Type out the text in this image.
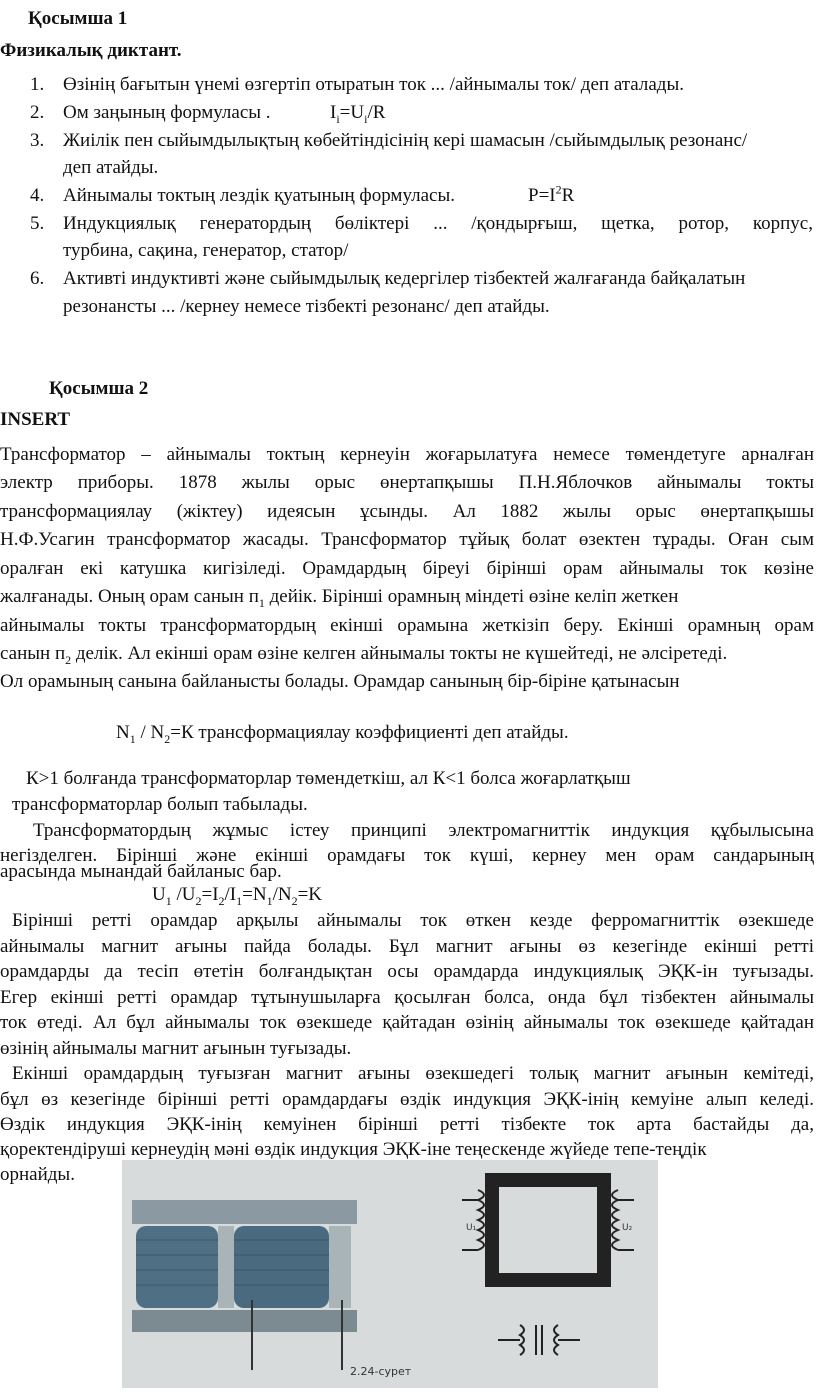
Қосымша 1
Физикалық диктант.
1. Өзінің бағытын үнемі өзгертіп отыратын ток ... /айнымалы ток/ деп аталады.
2. Ом заңының формуласы .	$I_i=U_i/R$
3. Жиілік пен сыйымдылықтың көбейтіндісінің кері шамасын /сыйымдылық резонанс/
деп атайды.
4. Айнымалы токтың лездік қуатының формуласы.	$P=I^2R$
5. Индукциялық генератордың бөліктері ... /қондырғыш, щетка, ротор, корпус,
турбина, сақина, генератор, статор/
6. Активті индуктивті және сыйымдылық кедергілер тізбектей жалғағанда байқалатын
резонансты ... /кернеу немесе тізбекті резонанс/ деп атайды.
Қосымша 2
INSERT
Трансформатор – айнымалы токтың кернеуін жоғарылатуға немесе төмендетуге арналған
электр приборы. 1878 жылы орыс өнертапқышы П.Н.Яблочков айнымалы токты
трансформациялау (жіктеу) идеясын ұсынды. Ал 1882 жылы орыс өнертапқышы
Н.Ф.Усагин трансформатор жасады. Трансформатор тұйық болат өзектен тұрады. Оған сым
оралған екі катушка кигізіледі. Орамдардың біреуі бірінші орам айнымалы ток көзіне
жалғанады. Оның орам санын $п_1$ дейік. Бірінші орамның міндеті өзіне келіп жеткен
айнымалы токты трансформатордың екінші орамына жеткізіп беру. Екінші орамның орам
санын $п_2$ делік. Ал екінші орам өзіне келген айнымалы токты не күшейтеді, не әлсіретеді.
Ол орамының санына байланысты болады. Орамдар санының бір-біріне қатынасын
$N_1 / N_2=К$ трансформациялау коэффициенті деп атайды.
К>1 болғанда трансформаторлар төмендеткіш, ал К<1 болса жоғарлатқыш
трансформаторлар болып табылады.
Трансформатордың жұмыс істеу принципі электромагниттік индукция құбылысына
негізделген. Бірінші және екінші орамдағы ток күші, кернеу мен орам сандарының
арасында мынандай байланыс бар.
$U_1$ $/U_2=I_2/I_1=N_1/N_2=K$
Бірінші ретті орамдар арқылы айнымалы ток өткен кезде ферромагниттік өзекшеде
айнымалы магнит ағыны пайда болады. Бұл магнит ағыны өз кезегінде екінші ретті
орамдарды да тесіп өтетін болғандықтан осы орамдарда индукциялық ЭҚК-ін туғызады.
Егер екінші ретті орамдар тұтынушыларға қосылған болса, онда бұл тізбектен айнымалы
ток өтеді. Ал бұл айнымалы ток өзекшеде қайтадан өзінің айнымалы ток өзекшеде қайтадан
өзінің айнымалы магнит ағынын туғызады.
Екінші орамдардың туғызған магнит ағыны өзекшедегі толық магнит ағынын кемітеді,
бұл өз кезегінде бірінші ретті орамдардағы өздік индукция ЭҚК-інің кемуіне алып келеді.
Өздік индукция ЭҚК-інің кемуінен бірінші ретті тізбекте ток арта бастайды да,
қоректендіруші кернеудің мәні өздік индукция ЭҚК-іне теңескенде жүйеде тепе-теңдік
орнайды.
U₁	U₂
2.24-сурет
